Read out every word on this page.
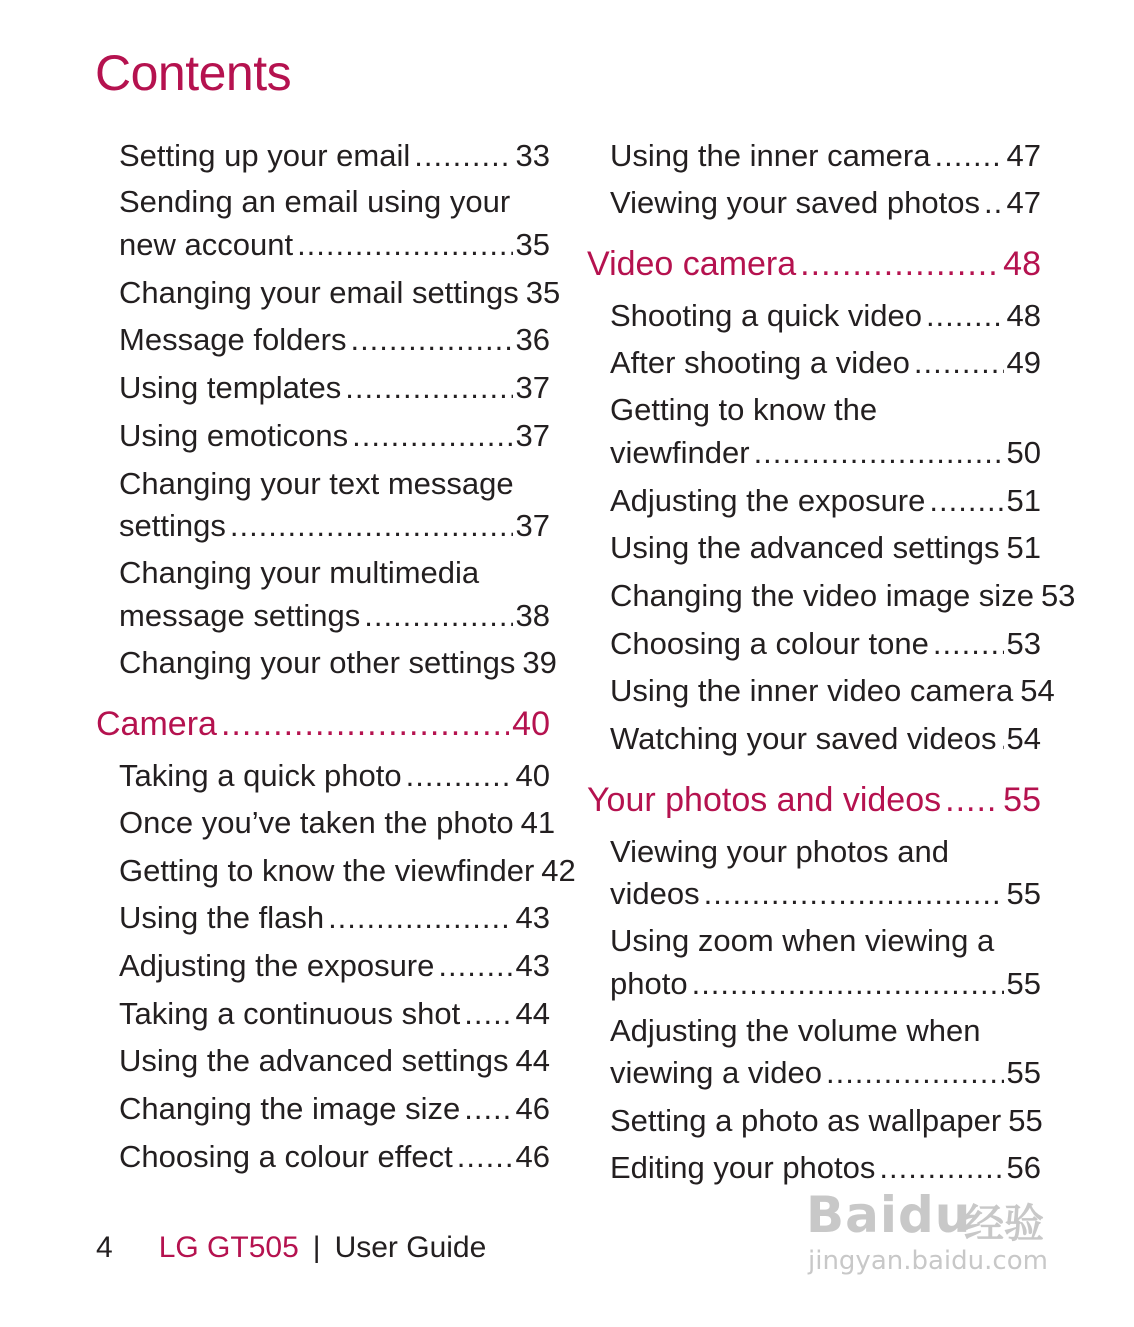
Contents
Setting up your email .....	33
Sending an email using your
new account .....	35
Changing your email settings 35
Message folders .....	36
Using templates .....	37
Using emoticons .....	37
Changing your text message
settings .....	37
Changing your multimedia
message settings .....	38
Changing your other settings 39
Camera .....	40
Taking a quick photo .....	40
Once you’ve taken the photo 41
Getting to know the viewfinder 42
Using the flash .....	43
Adjusting the exposure .....	43
Taking a continuous shot ..... 44
Using the advanced settings ..... 44
Changing the image size ..... 46
Choosing a colour effect ..... 46
Using the inner camera ..... 47
Viewing your saved photos ..... 47
Video camera .....	48
Shooting a quick video .....	48
After shooting a video .....	49
Getting to know the
viewfinder .....	50
Adjusting the exposure .....	51
Using the advanced settings ..... 51
Changing the video image size 53
Choosing a colour tone .....	53
Using the inner video camera 54
Watching your saved videos ..... 54
Your photos and videos ..... 55
Viewing your photos and
videos .....	55
Using zoom when viewing a
photo .....	55
Adjusting the volume when
viewing a video .....	55
Setting a photo as wallpaper 55
Editing your photos .....	56
4 LG GT505 | User Guide
Baidu
经验
jingyan.baidu.com
